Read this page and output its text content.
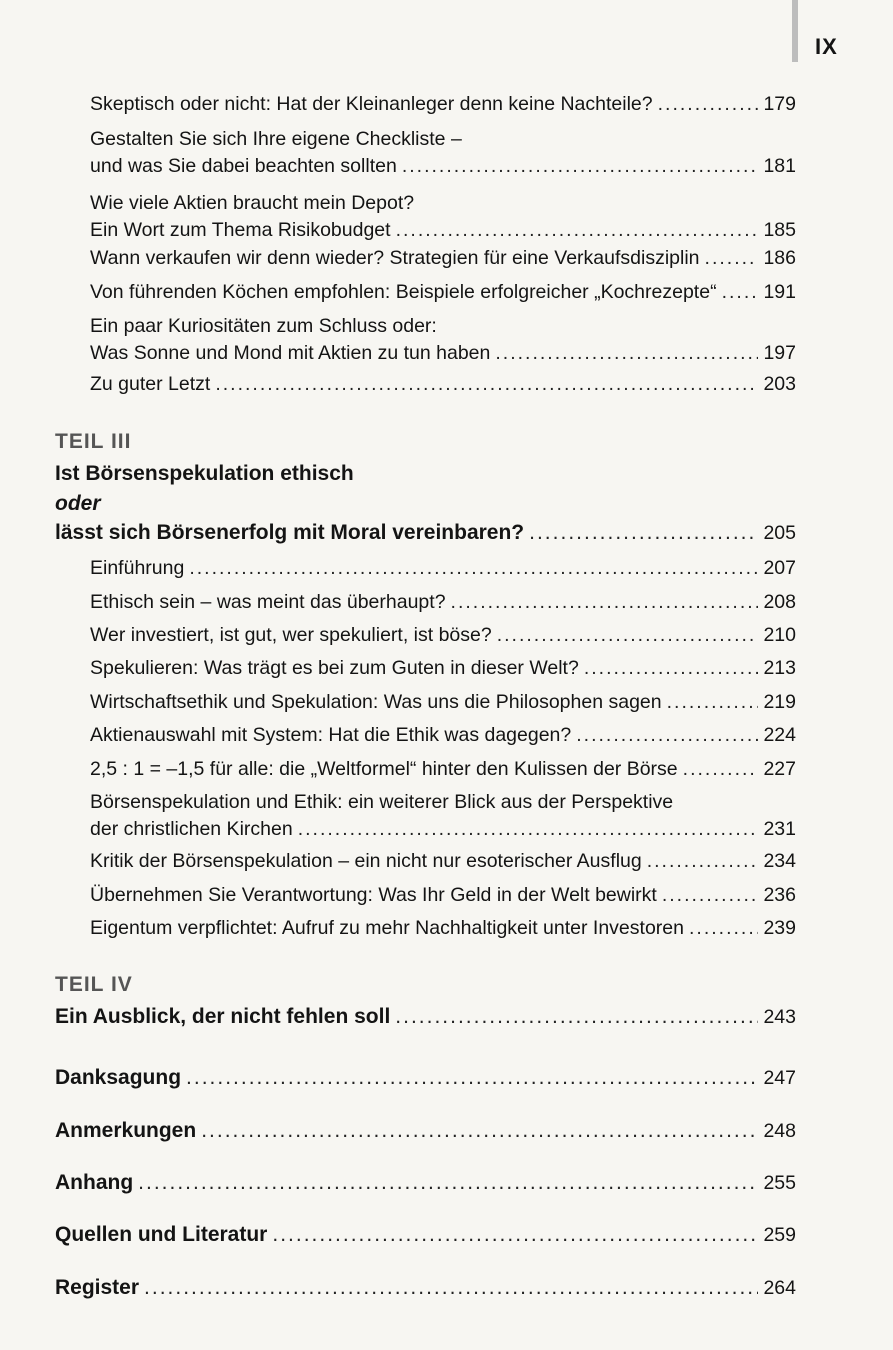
IX
Skeptisch oder nicht: Hat der Kleinanleger denn keine Nachteile? .....	179
Gestalten Sie sich Ihre eigene Checkliste –
und was Sie dabei beachten sollten .....	181
Wie viele Aktien braucht mein Depot?
Ein Wort zum Thema Risikobudget .....	185
Wann verkaufen wir denn wieder? Strategien für eine Verkaufsdisziplin .....	186
Von führenden Köchen empfohlen: Beispiele erfolgreicher „Kochrezepte“ ..... 191
Ein paar Kuriositäten zum Schluss oder:
Was Sonne und Mond mit Aktien zu tun haben .....	197
Zu guter Letzt .....	203
TEIL III
Ist Börsenspekulation ethisch
oder
lässt sich Börsenerfolg mit Moral vereinbaren? .....	205
Einführung .....	207
Ethisch sein – was meint das überhaupt? .....	208
Wer investiert, ist gut, wer spekuliert, ist böse? .....	210
Spekulieren: Was trägt es bei zum Guten in dieser Welt? .....	213
Wirtschaftsethik und Spekulation: Was uns die Philosophen sagen .....	219
Aktienauswahl mit System: Hat die Ethik was dagegen? .....	224
2,5 : 1 = –1,5 für alle: die „Weltformel“ hinter den Kulissen der Börse .....	227
Börsenspekulation und Ethik: ein weiterer Blick aus der Perspektive
der christlichen Kirchen .....	231
Kritik der Börsenspekulation – ein nicht nur esoterischer Ausflug .....	234
Übernehmen Sie Verantwortung: Was Ihr Geld in der Welt bewirkt .....	236
Eigentum verpflichtet: Aufruf zu mehr Nachhaltigkeit unter Investoren .....	239
TEIL IV
Ein Ausblick, der nicht fehlen soll .....	243
Danksagung .....	247
Anmerkungen .....	248
Anhang .....	255
Quellen und Literatur .....	259
Register .....	264
